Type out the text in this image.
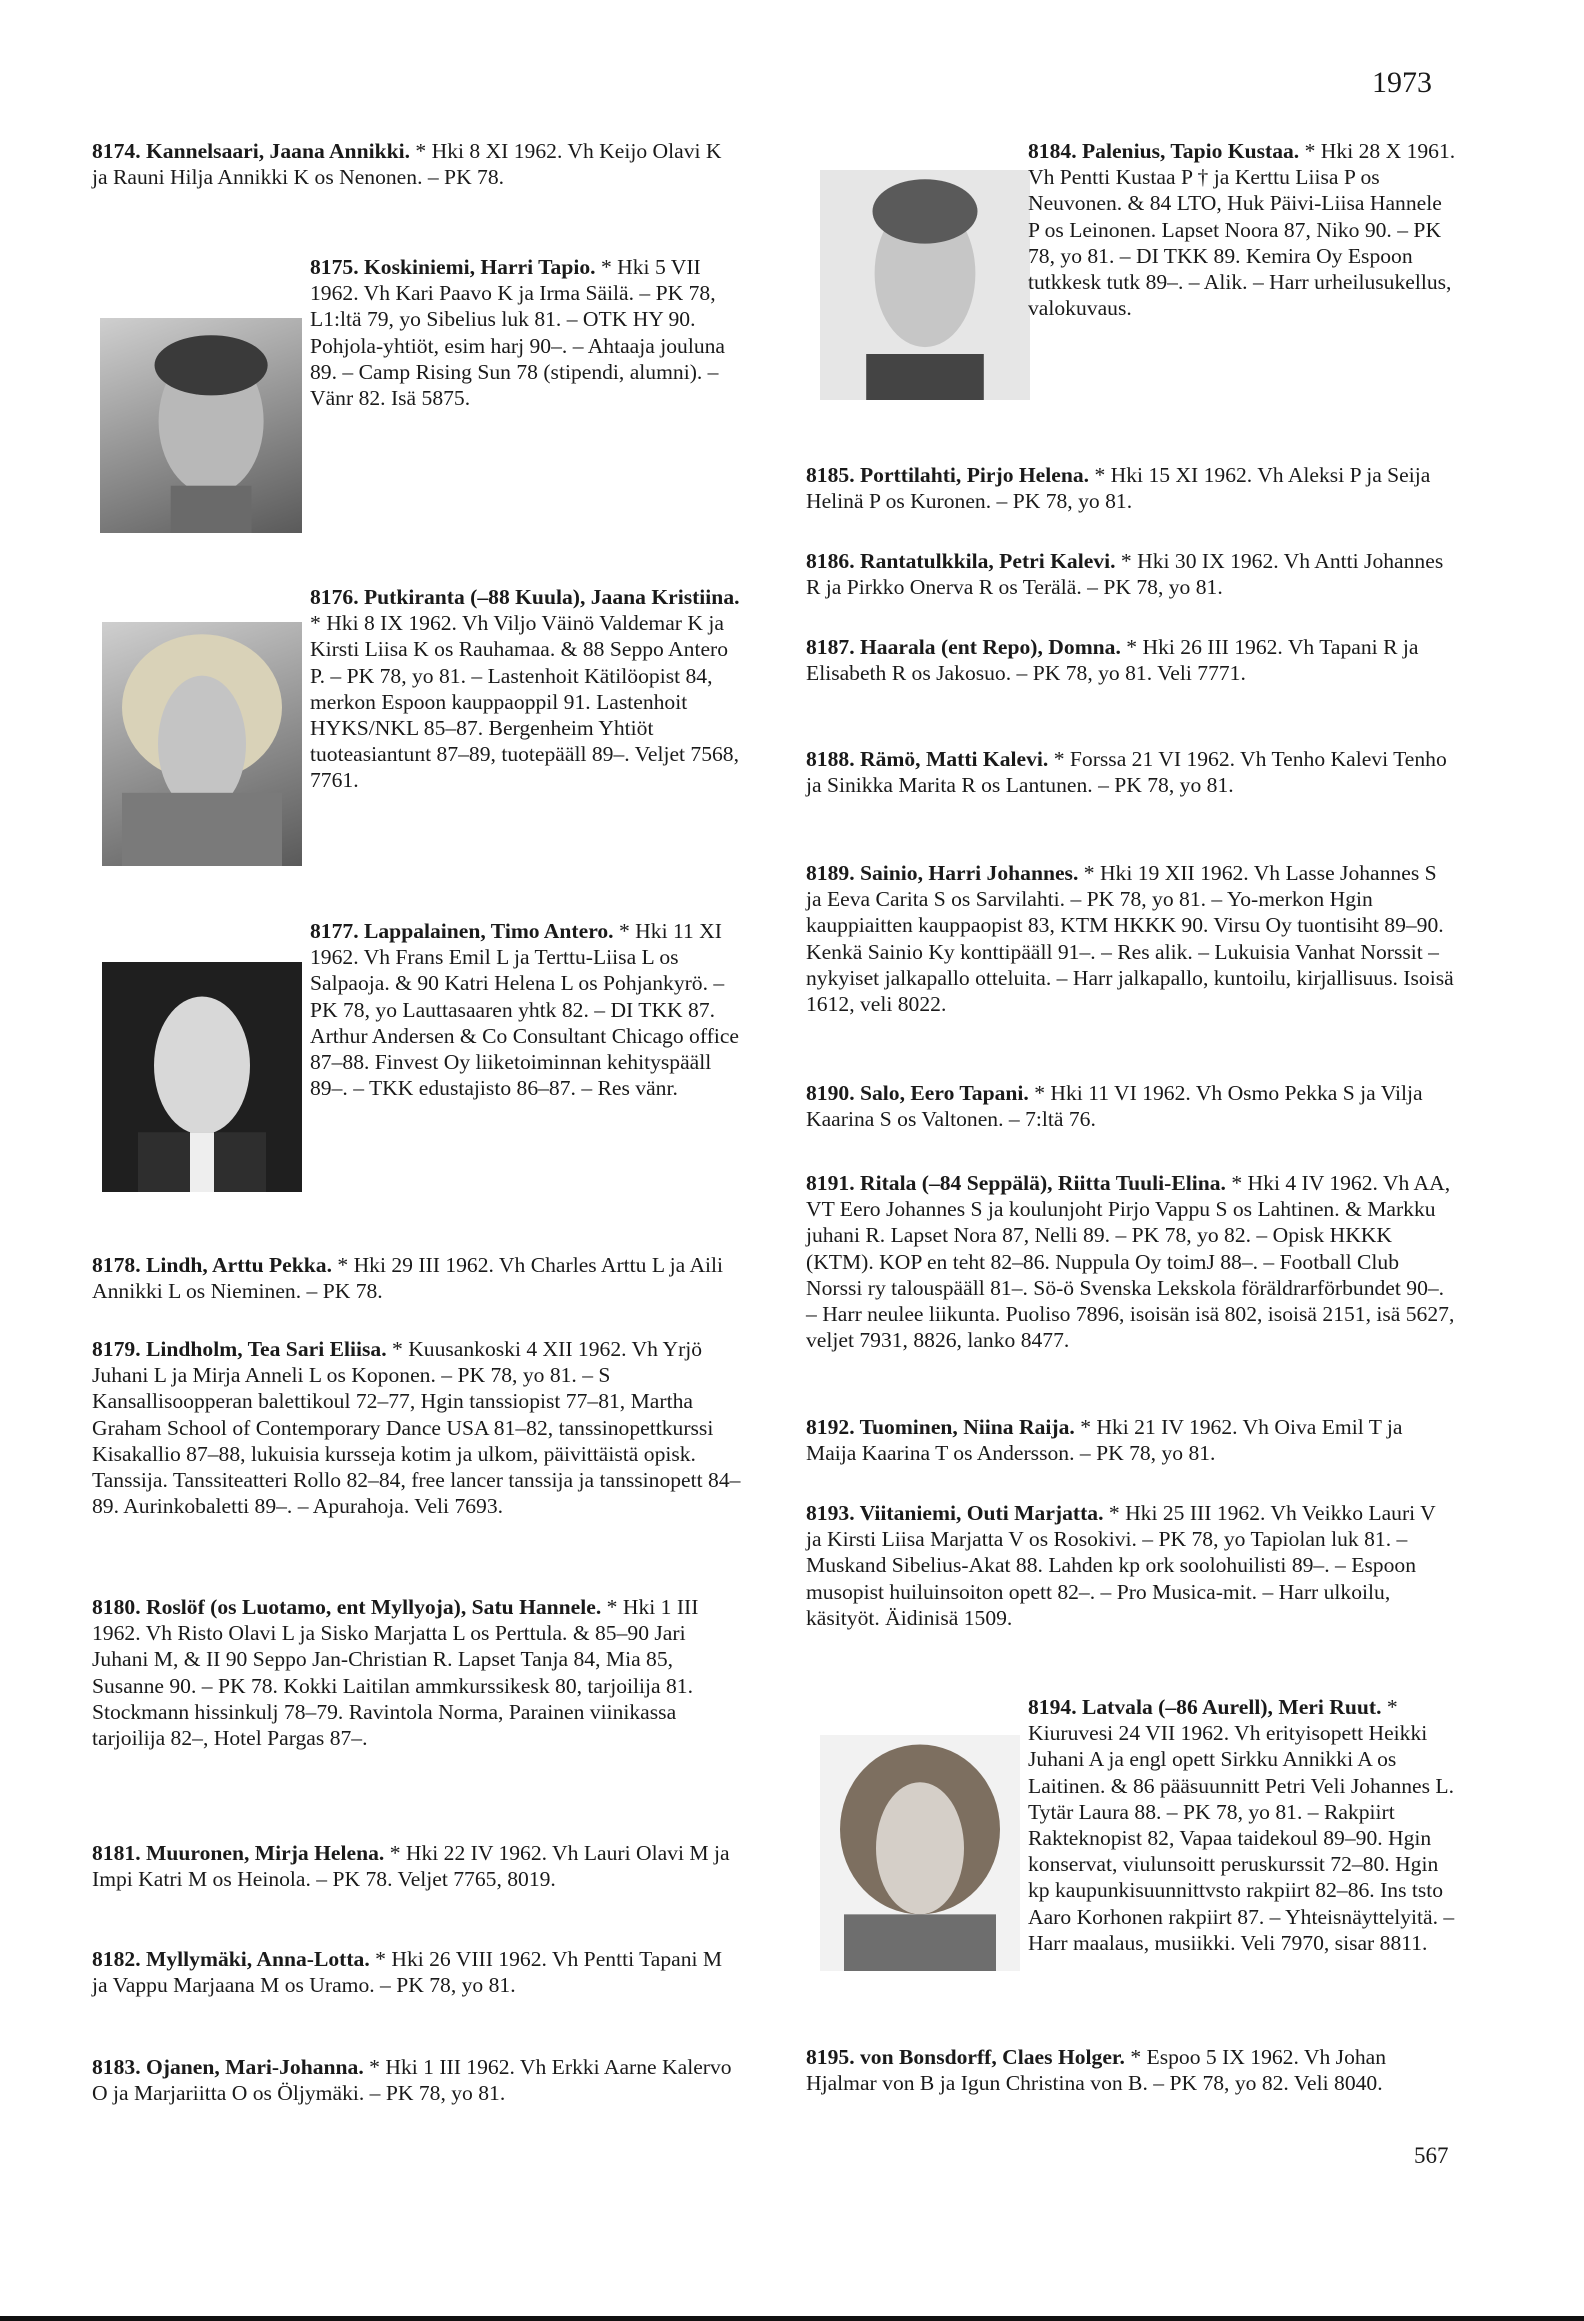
1973
567
8174. Kannelsaari, Jaana Annikki. * Hki 8 XI 1962. Vh Keijo Olavi K ja Rauni Hilja Annikki K os Nenonen. – PK 78.
8175. Koskiniemi, Harri Tapio. * Hki 5 VII 1962. Vh Kari Paavo K ja Irma Säilä. – PK 78, L1:ltä 79, yo Sibelius luk 81. – OTK HY 90. Pohjola-yhtiöt, esim harj 90–. – Ahtaaja jouluna 89. – Camp Rising Sun 78 (stipendi, alumni). – Vänr 82. Isä 5875.
8176. Putkiranta (–88 Kuula), Jaana Kristiina. * Hki 8 IX 1962. Vh Viljo Väinö Valdemar K ja Kirsti Liisa K os Rauhamaa. & 88 Seppo Antero P. – PK 78, yo 81. – Lastenhoit Kätilöopist 84, merkon Espoon kauppaoppil 91. Lastenhoit HYKS/NKL 85–87. Bergenheim Yhtiöt tuoteasiantunt 87–89, tuotepääll 89–. Veljet 7568, 7761.
8177. Lappalainen, Timo Antero. * Hki 11 XI 1962. Vh Frans Emil L ja Terttu-Liisa L os Salpaoja. & 90 Katri Helena L os Pohjankyrö. – PK 78, yo Lauttasaaren yhtk 82. – DI TKK 87. Arthur Andersen & Co Consultant Chicago office 87–88. Finvest Oy liiketoiminnan kehityspääll 89–. – TKK edustajisto 86–87. – Res vänr.
8178. Lindh, Arttu Pekka. * Hki 29 III 1962. Vh Charles Arttu L ja Aili Annikki L os Nieminen. – PK 78.
8179. Lindholm, Tea Sari Eliisa. * Kuusankoski 4 XII 1962. Vh Yrjö Juhani L ja Mirja Anneli L os Koponen. – PK 78, yo 81. – S Kansallisoopperan balettikoul 72–77, Hgin tanssiopist 77–81, Martha Graham School of Contemporary Dance USA 81–82, tanssinopettkurssi Kisakallio 87–88, lukuisia kursseja kotim ja ulkom, päivittäistä opisk. Tanssija. Tanssiteatteri Rollo 82–84, free lancer tanssija ja tanssinopett 84–89. Aurinkobaletti 89–. – Apurahoja. Veli 7693.
8180. Roslöf (os Luotamo, ent Myllyoja), Satu Hannele. * Hki 1 III 1962. Vh Risto Olavi L ja Sisko Marjatta L os Perttula. & 85–90 Jari Juhani M, & II 90 Seppo Jan-Christian R. Lapset Tanja 84, Mia 85, Susanne 90. – PK 78. Kokki Laitilan ammkurssikesk 80, tarjoilija 81. Stockmann hissinkulj 78–79. Ravintola Norma, Parainen viinikassa tarjoilija 82–, Hotel Pargas 87–.
8181. Muuronen, Mirja Helena. * Hki 22 IV 1962. Vh Lauri Olavi M ja Impi Katri M os Heinola. – PK 78. Veljet 7765, 8019.
8182. Myllymäki, Anna-Lotta. * Hki 26 VIII 1962. Vh Pentti Tapani M ja Vappu Marjaana M os Uramo. – PK 78, yo 81.
8183. Ojanen, Mari-Johanna. * Hki 1 III 1962. Vh Erkki Aarne Kalervo O ja Marjariitta O os Öljymäki. – PK 78, yo 81.
8184. Palenius, Tapio Kustaa. * Hki 28 X 1961. Vh Pentti Kustaa P † ja Kerttu Liisa P os Neuvonen. & 84 LTO, Huk Päivi-Liisa Hannele P os Leinonen. Lapset Noora 87, Niko 90. – PK 78, yo 81. – DI TKK 89. Kemira Oy Espoon tutkkesk tutk 89–. – Alik. – Harr urheilusukellus, valokuvaus.
8185. Porttilahti, Pirjo Helena. * Hki 15 XI 1962. Vh Aleksi P ja Seija Helinä P os Kuronen. – PK 78, yo 81.
8186. Rantatulkkila, Petri Kalevi. * Hki 30 IX 1962. Vh Antti Johannes R ja Pirkko Onerva R os Terälä. – PK 78, yo 81.
8187. Haarala (ent Repo), Domna. * Hki 26 III 1962. Vh Tapani R ja Elisabeth R os Jakosuo. – PK 78, yo 81. Veli 7771.
8188. Rämö, Matti Kalevi. * Forssa 21 VI 1962. Vh Tenho Kalevi Tenho ja Sinikka Marita R os Lantunen. – PK 78, yo 81.
8189. Sainio, Harri Johannes. * Hki 19 XII 1962. Vh Lasse Johannes S ja Eeva Carita S os Sarvilahti. – PK 78, yo 81. – Yo-merkon Hgin kauppiaitten kauppaopist 83, KTM HKKK 90. Virsu Oy tuontisiht 89–90. Kenkä Sainio Ky konttipääll 91–. – Res alik. – Lukuisia Vanhat Norssit – nykyiset jalkapallo otteluita. – Harr jalkapallo, kuntoilu, kirjallisuus. Isoisä 1612, veli 8022.
8190. Salo, Eero Tapani. * Hki 11 VI 1962. Vh Osmo Pekka S ja Vilja Kaarina S os Valtonen. – 7:ltä 76.
8191. Ritala (–84 Seppälä), Riitta Tuuli-Elina. * Hki 4 IV 1962. Vh AA, VT Eero Johannes S ja koulunjoht Pirjo Vappu S os Lahtinen. & Markku juhani R. Lapset Nora 87, Nelli 89. – PK 78, yo 82. – Opisk HKKK (KTM). KOP en teht 82–86. Nuppula Oy toimJ 88–. – Football Club Norssi ry talouspääll 81–. Sö-ö Svenska Lekskola föräldrarförbundet 90–. – Harr neulee liikunta. Puoliso 7896, isoisän isä 802, isoisä 2151, isä 5627, veljet 7931, 8826, lanko 8477.
8192. Tuominen, Niina Raija. * Hki 21 IV 1962. Vh Oiva Emil T ja Maija Kaarina T os Andersson. – PK 78, yo 81.
8193. Viitaniemi, Outi Marjatta. * Hki 25 III 1962. Vh Veikko Lauri V ja Kirsti Liisa Marjatta V os Rosokivi. – PK 78, yo Tapiolan luk 81. – Muskand Sibelius-Akat 88. Lahden kp ork soolohuilisti 89–. – Espoon musopist huiluinsoiton opett 82–. – Pro Musica-mit. – Harr ulkoilu, käsityöt. Äidinisä 1509.
8194. Latvala (–86 Aurell), Meri Ruut. * Kiuruvesi 24 VII 1962. Vh erityisopett Heikki Juhani A ja engl opett Sirkku Annikki A os Laitinen. & 86 pääsuunnitt Petri Veli Johannes L. Tytär Laura 88. – PK 78, yo 81. – Rakpiirt Rakteknopist 82, Vapaa taidekoul 89–90. Hgin konservat, viulunsoitt peruskurssit 72–80. Hgin kp kaupunkisuunnittvsto rakpiirt 82–86. Ins tsto Aaro Korhonen rakpiirt 87. – Yhteisnäyttelyitä. – Harr maalaus, musiikki. Veli 7970, sisar 8811.
8195. von Bonsdorff, Claes Holger. * Espoo 5 IX 1962. Vh Johan Hjalmar von B ja Igun Christina von B. – PK 78, yo 82. Veli 8040.
